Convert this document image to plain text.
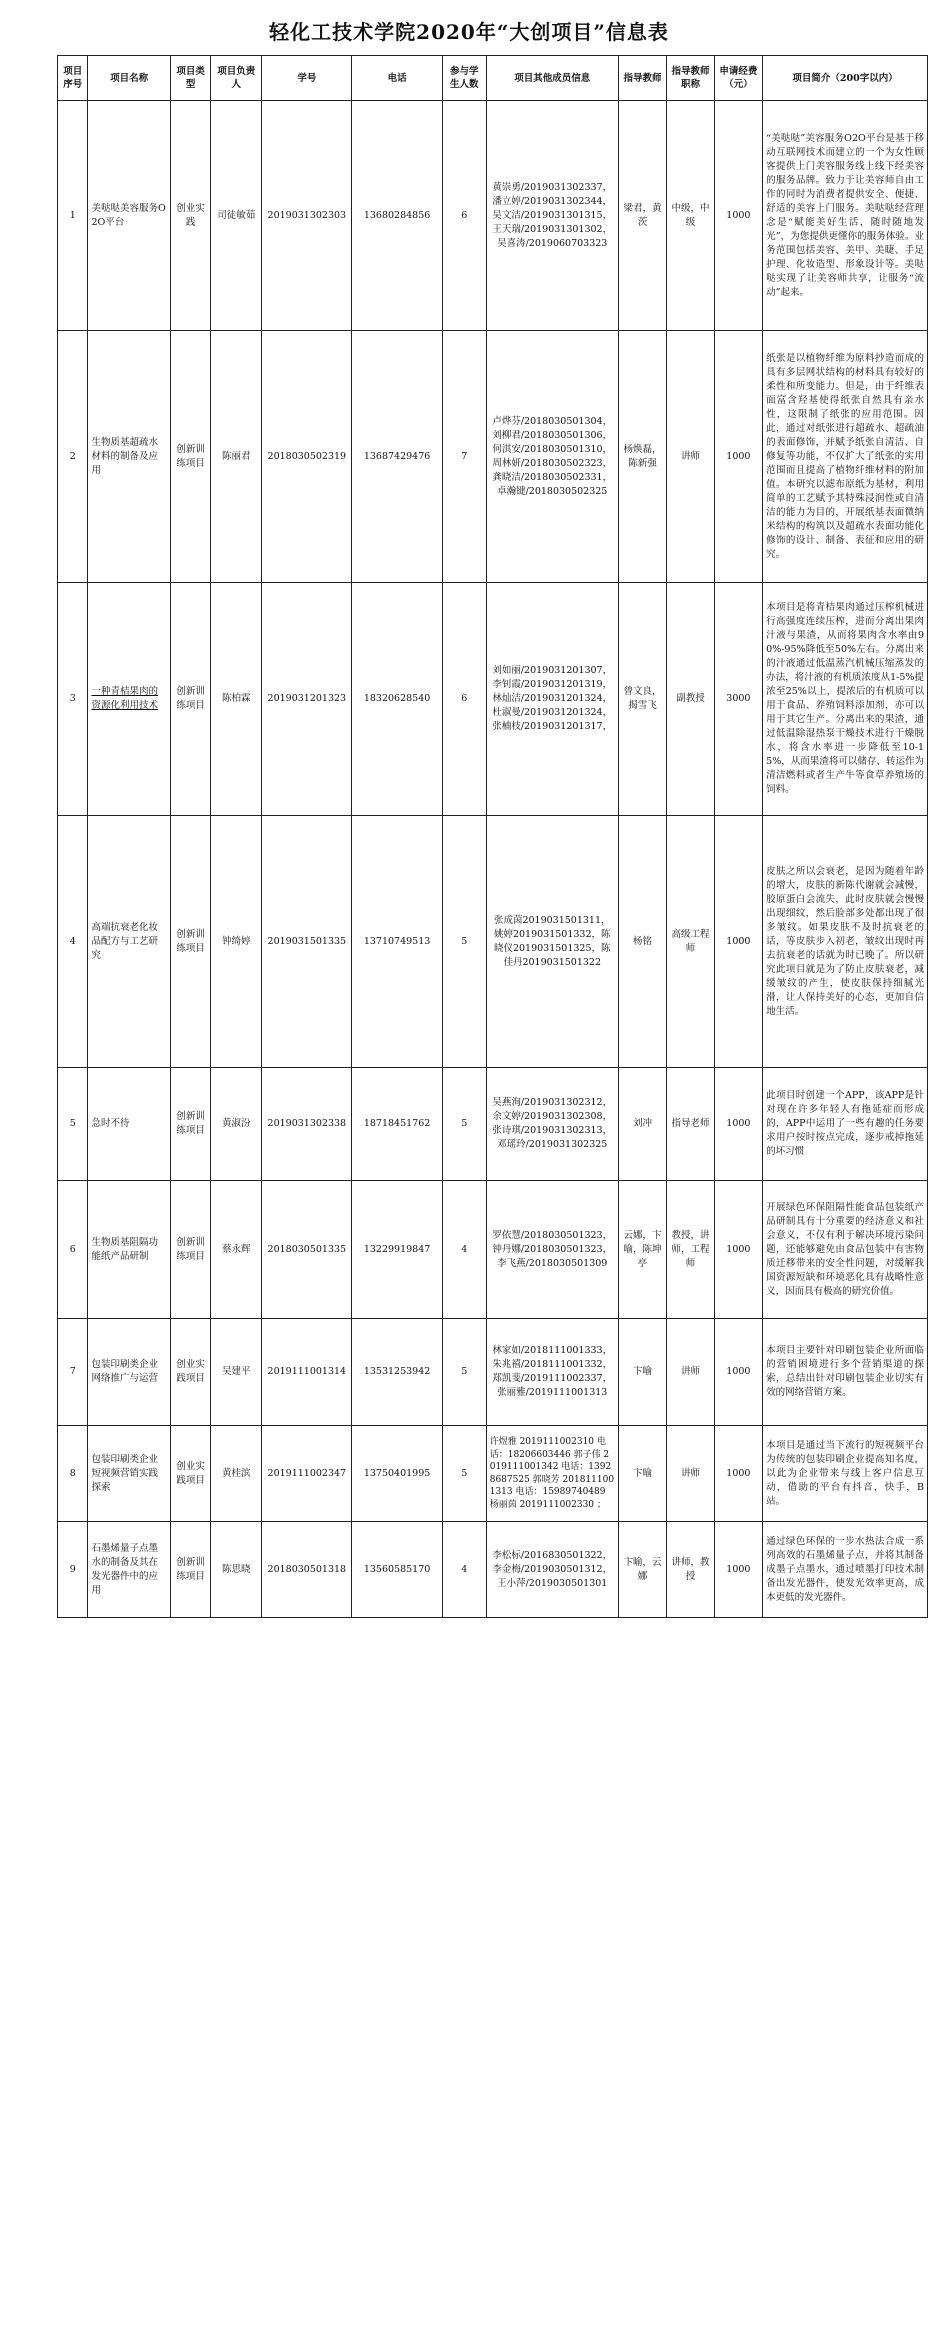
轻化工技术学院2020年“大创项目”信息表
项目序号	项目名称	项目类型	项目负责人	学号	电话	参与学生人数	项目其他成员信息	指导教师	指导教师职称	申请经费（元）	项目简介（200字以内）
1	美哒哒美容服务O2O平台	创业实践	司徒敏茹	201903130230​3	13680284856	6	黄崇勇/2019031302337，潘立婷/2019031302344，吴文洁/2019031301315，王天瑞/2019031301302，吴喜涛/2019060703323	梁君，黄茨	中级，中级	1000	“美哒哒”美容服务O2O平台是基于移动互联网技术而建立的一个为女性顾客提供上门美容服务线上线下经美容的服务品牌。致力于让美容师自由工作的同时为消费者提供安全、便捷、舒适的美容上门服务。美哒哒经营理念是“赋能美好生活，随时随地发光”，为您提供更懂你的服务体验。业务范围包括美容、美甲、美睫、手足护理、化妆造型、形象设计等。美哒哒实现了让美容师共享，让服务“流动”起来。
2	生物质基超疏水材料的制备及应用	创新训练项目	陈丽君	2018030502319	13687429476	7	卢烨芬/2018030501304，刘柳君/2018030501306，何淇安/2018030501310，周林妍/2018030502323，龚晓洁/2018030502331，卓瀚键/2018030502325	杨焕磊，陈新强	讲师	1000	纸张是以植物纤维为原料抄造而成的具有多层网状结构的材料具有较好的柔性和所变能力。但是，由于纤维表面富含羟基使得纸张自然具有亲水性，这限制了纸张的应用范围。因此，通过对纸张进行超疏水、超疏油的表面修饰，并赋予纸张自清洁、自修复等功能，不仅扩大了纸张的实用范围而且提高了植物纤维材料的附加值。本研究以滤布原纸为基材，利用简单的工艺赋予其特殊浸润性或自清洁的能力为目的，开展纸基表面微纳米结构的构筑以及超疏水表面功能化修饰的设计、制备、表征和应用的研究。
3	一种青桔果肉的资源化利用技术	创新训练项目	陈柏霖	2019031201323	18320628540	6	刘如丽/2019031201307，李钊霞/2019031201319，林灿洁/2019031201324，杜淑曼/2019031201324，张楠枝/2019031201317，	曾文良，揭雪飞	副教授	3000	本项目是将青桔果肉通过压榨机械进行高强度连续压榨，进而分离出果肉汁液与果渣，从而将果肉含水率由90%-95%降低至50%左右。分离出来的汁液通过低温蒸汽机械压缩蒸发的办法，将汁液的有机质浓度从1-5%提浓至25%以上，提浓后的有机质可以用于食品、养殖饲料添加剂，亦可以用于其它生产。分离出来的果渣，通过低温除湿热泵干燥技术进行干燥脱水，将含水率进一步降低至10-15%，从而果渣将可以储存、转运作为清洁燃料或者生产牛等食草养殖场的饲料。
4	高端抗衰老化妆品配方与工艺研究	创新训练项目	钟绮婷	2019031501335	13710749513	5	张成茵2019031501311，姚婷2019031501332，陈晓仪2019031501325，陈佳丹2019031501322	杨铭	高级工程师	1000	皮肤之所以会衰老，是因为随着年龄的增大，皮肤的新陈代谢就会减慢，胶原蛋白会流失，此时皮肤就会慢慢出现细纹，然后脸部多处都出现了很多皱纹。如果皮肤不及时抗衰老的话，等皮肤步入初老，皱纹出现时再去抗衰老的话就为时已晚了。所以研究此项目就是为了防止皮肤衰老，减缓皱纹的产生，使皮肤保持细腻光滑，让人保持美好的心态，更加自信地生活。
5	急时不待	创新训练项目	黄淑汾	2019031302338	18718451762	5	吴燕洵/2019031302312，余文婷/2019031302308，张诗琪/2019031302313，邓瑶玲/2019031302325	刘冲	指导老师	1000	此项目时创建一个APP，该APP是针对现在许多年轻人有拖延症而形成的，APP中运用了一些有趣的任务要求用户按时按点完成，逐步戒掉拖延的坏习惯
6	生物质基阻隔功能纸产品研制	创新训练项目	蔡永辉	2018030501335	13229919847	4	罗依慧/2018030501323，钟丹娜/2018030501323，李飞燕/2018030501309	云娜，卞喻，陈坤亭	教授，讲师，工程师	1000	开展绿色环保阻隔性能食品包装纸产品研制具有十分重要的经济意义和社会意义，不仅有利于解决环境污染问题，还能够避免由食品包装中有害物质迁移带来的安全性问题，对缓解我国资源短缺和环境恶化具有战略性意义，因而具有极高的研究价值。
7	包装印刷类企业网络推广与运营	创业实践项目	吴建平	2019111001314	13531253942	5	林家如/2018111001333，朱兆禧/2018111001332，郑凯斐/2019111002337，张丽雅/2019111001313	卞喻	讲师	1000	本项目主要针对印刷包装企业所面临的营销困境进行多个营销渠道的探索，总结出针对印刷包装企业切实有效的网络营销方案。
8	包装印刷类企业短视频营销实践探索	创业实践项目	黄桂滨	2019111002347	13750401995	5	许煜雅 2019111002310 电话：18206603446 郭子伟 2019111001342 电话：13928687525 郭晓芳 2018111001313 电话：15989740489 杨丽茵 2019111002330 ；	卞喻	讲师	1000	本项目是通过当下流行的短视频平台为传统的包装印刷企业提高知名度，以此为企业带来与线上客户信息互动，借助的平台有抖音，快手，B站。
9	石墨烯量子点墨水的制备及其在发光器件中的应用	创新训练项目	陈思晓	2018030501318	13560585170	4	李松标/2016830501322，李金梅/2019030501312，王小萍/2019030501301	卞喻，云娜	讲师，教授	1000	通过绿色环保的一步水热法合成一系列高效的石墨烯量子点，并将其制备成墨子点墨水，通过喷墨打印技术制备出发光器件，使发光效率更高，成本更低的发光器件。
